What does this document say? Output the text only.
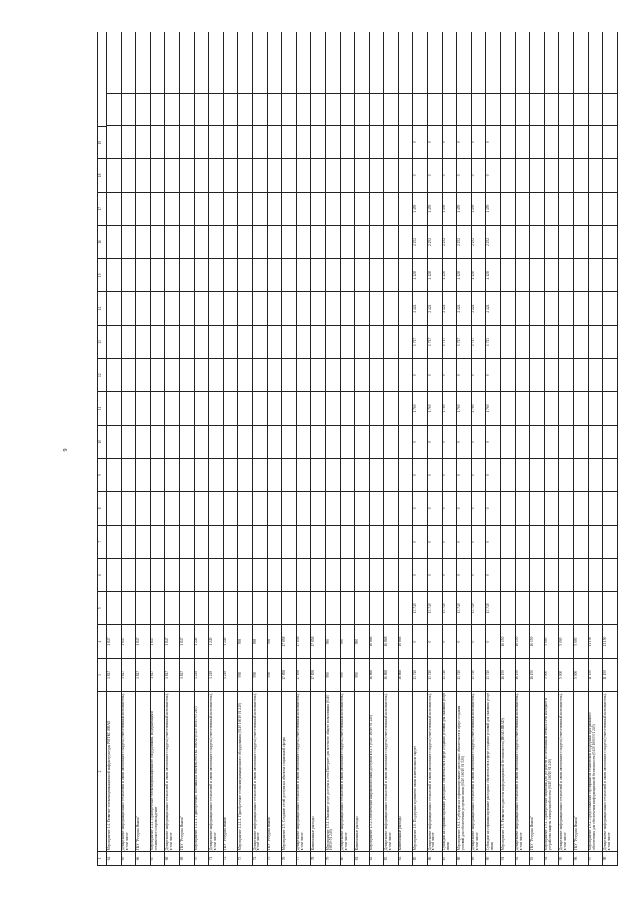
9
1
2
3
4
5
6
7
8
9
10
11
12
13
14
15
16
17
18
19
64
Мероприятие 1.4. Развитие телекоммуникационной инфраструктуры РМТКС ЯНАО
1 847
1 847
65
Департамент информационных технологий и связи автономного округа (ответственный исполнитель), в том числе
1 847
1 847
66
ГКУ "Ресурсы Ямала"
1 847
1 847
67
Мероприятие 1.4.1. Приобретение телекоммуникационного оборудования, модернизация и техническое сопровождение
1 847
1 847
68
Департамент информационных технологий и связи автономного округа (ответственный исполнитель), в том числе
1 847
1 847
69
ГКУ "Ресурсы Ямала"
1 847
1 847
70
Мероприятие 1.4.1.1. Приобретение, поставка на объекты РМТКС ЯНАО (0410 16010 01 240)
1 249
1 249
71
Департамент информационных технологий и связи автономного округа (ответственный исполнитель), в том числе
1 249
1 249
72
ГКУ "Ресурсы Ямала"
1 249
1 249
73
Мероприятие 1.4.1.2. Приобретение телекоммуникационного оборудования (0410 16010 01 240)
598
598
74
Департамент информационных технологий и связи автономного округа (ответственный исполнитель), в том числе
598
598
75
ГКУ "Ресурсы Ямала"
598
598
76
Мероприятие 1.5. Создание сетей доступа на объектах социальной сферы
17 858
17 858
77
Департамент информационных технологий и связи автономного округа (ответственный исполнитель), в том числе
17 858
17 858
78
Капитальные расходы
17 858
17 858
79
Мероприятие 1.5.1. Оказание услуг доступа к сети Интернет для местного общего пользования (0410 16010 01 240)
990
990
80
Департамент информационных технологий и связи автономного округа (ответственный исполнитель), в том числе
990
990
81
Капитальные расходы
990
990
82
Мероприятие 1.5.2. Обеспечение широкополосным доступом в ЕГЭ (0410 16010 01 240)
16 868
16 868
83
Департамент информационных технологий и связи автономного округа (ответственный исполнитель), в том числе
16 868
16 868
84
Капитальные расходы
16 868
16 868
85
Мероприятие 1.6. Поддержка и развитие связи в автономном округе
13 740
0
13 740
0
0
0
0
0
1 760
0
1 717
2 424
4 128
2 252
1 459
0
0
86
Департамент информационных технологий и связи автономного округа (ответственный исполнитель), в том числе
13 740
0
13 740
0
0
0
0
0
1 760
0
1 717
2 424
4 128
2 252
1 459
0
0
87
Субсидии на софинансирование расходных обязательств в сфере создания условий для оказания услуг связи
13 740
0
13 740
0
0
0
0
0
1 760
0
1 717
2 424
4 128
2 252
1 459
0
0
88
Мероприятие 1.6.1. Субсидии на софинансирование расходных обязательств в сфере создания условий для обеспечения услугами связи (0410 16010 01 520)
13 740
0
13 740
0
0
0
0
0
1 760
0
1 717
2 424
4 128
2 252
1 459
0
0
89
Департамент информационных технологий и связи автономного округа (ответственный исполнитель), в том числе
13 740
0
13 740
0
0
0
0
0
1 760
0
1 717
2 424
4 128
2 252
1 459
0
0
90
Субсидии на софинансирование расходных обязательств в сфере создания условий для оказания услуг связи
13 740
0
13 740
0
0
0
0
0
1 760
0
1 713
2 424
4 128
2 252
1 459
0
0
91
Мероприятие 1.9. Развитие подсистем информационной безопасности (ЯНАО ЯНАО)
16 150
16 150
92
Департамент информационных технологий и связи автономного округа (ответственный исполнитель), в том числе
16 150
16 150
93
ГКУ "Ресурсы Ямала"
16 150
16 150
94
Мероприятие 1.9.1. Приобретение лицензий для устройств по безопасным сетям и сети Интернет и устройства защиты электронной почты (0410 16010 01 240)
5 000
5 000
95
Департамент информационных технологий и связи автономного округа (ответственный исполнитель), в том числе
5 000
5 000
96
ГКУ "Ресурсы Ямала"
5 000
5 000
97
Мероприятие 1.9.2. Предоставление сертификатов технической поддержки программного обеспечения для обеспечения информационной безопасности (0410 16010 01 240)
11 150
11 150
98
Департамент информационных технологий и связи автономного округа (ответственный исполнитель), в том числе
11 150
11 150
